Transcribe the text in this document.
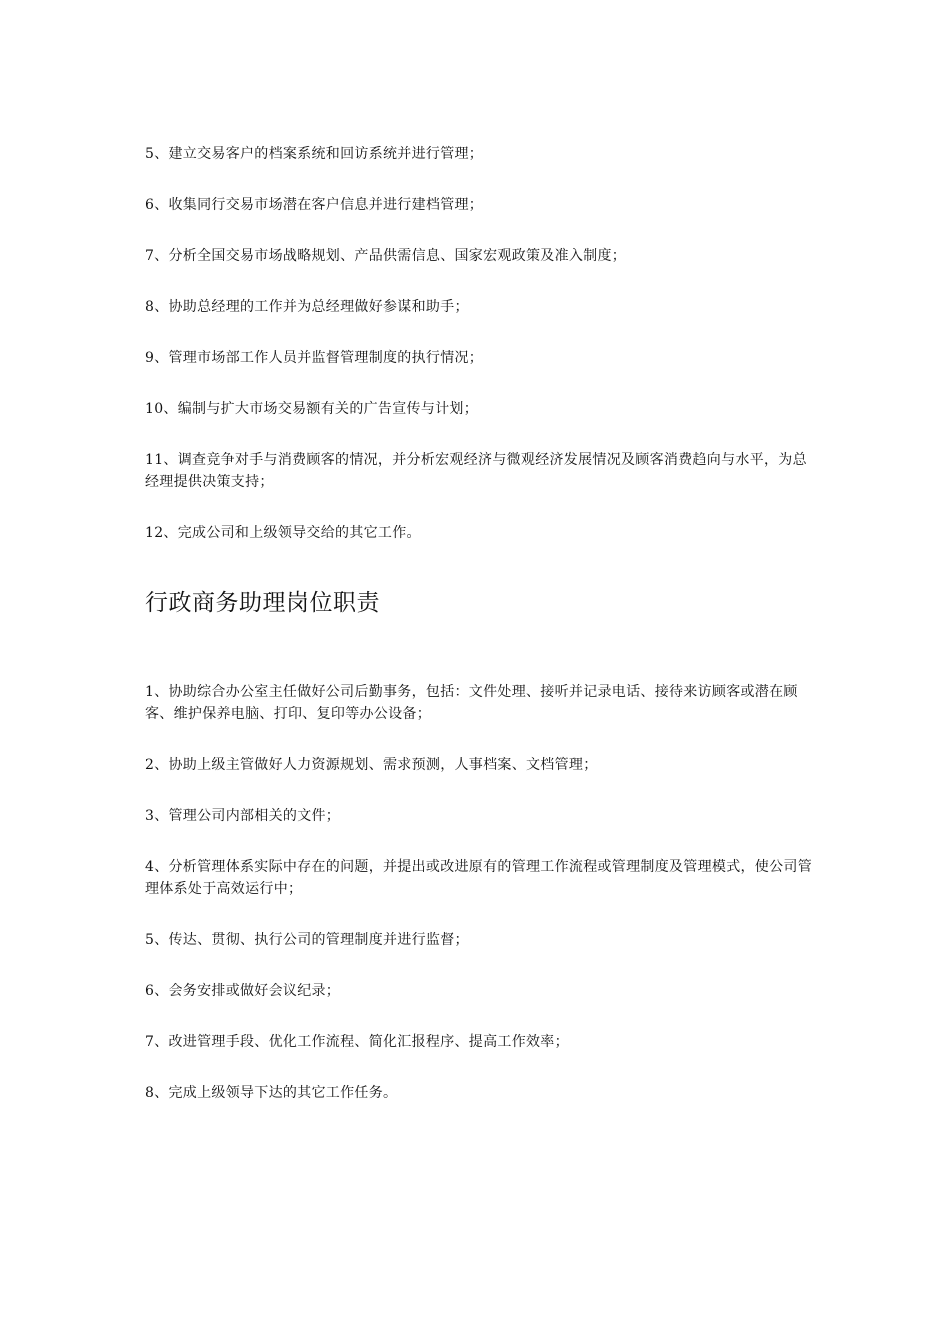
5、建立交易客户的档案系统和回访系统并进行管理；

6、收集同行交易市场潜在客户信息并进行建档管理；

7、分析全国交易市场战略规划、产品供需信息、国家宏观政策及准入制度；

8、协助总经理的工作并为总经理做好参谋和助手；

9、管理市场部工作人员并监督管理制度的执行情况；

10、编制与扩大市场交易额有关的广告宣传与计划；

11、调查竞争对手与消费顾客的情况，并分析宏观经济与微观经济发展情况及顾客消费趋向与水平，为总经理提供决策支持；

12、完成公司和上级领导交给的其它工作。

行政商务助理岗位职责

1、协助综合办公室主任做好公司后勤事务，包括：文件处理、接听并记录电话、接待来访顾客或潜在顾客、维护保养电脑、打印、复印等办公设备；

2、协助上级主管做好人力资源规划、需求预测，人事档案、文档管理；

3、管理公司内部相关的文件；

4、分析管理体系实际中存在的问题，并提出或改进原有的管理工作流程或管理制度及管理模式，使公司管理体系处于高效运行中；

5、传达、贯彻、执行公司的管理制度并进行监督；

6、会务安排或做好会议纪录；

7、改进管理手段、优化工作流程、简化汇报程序、提高工作效率；

8、完成上级领导下达的其它工作任务。
